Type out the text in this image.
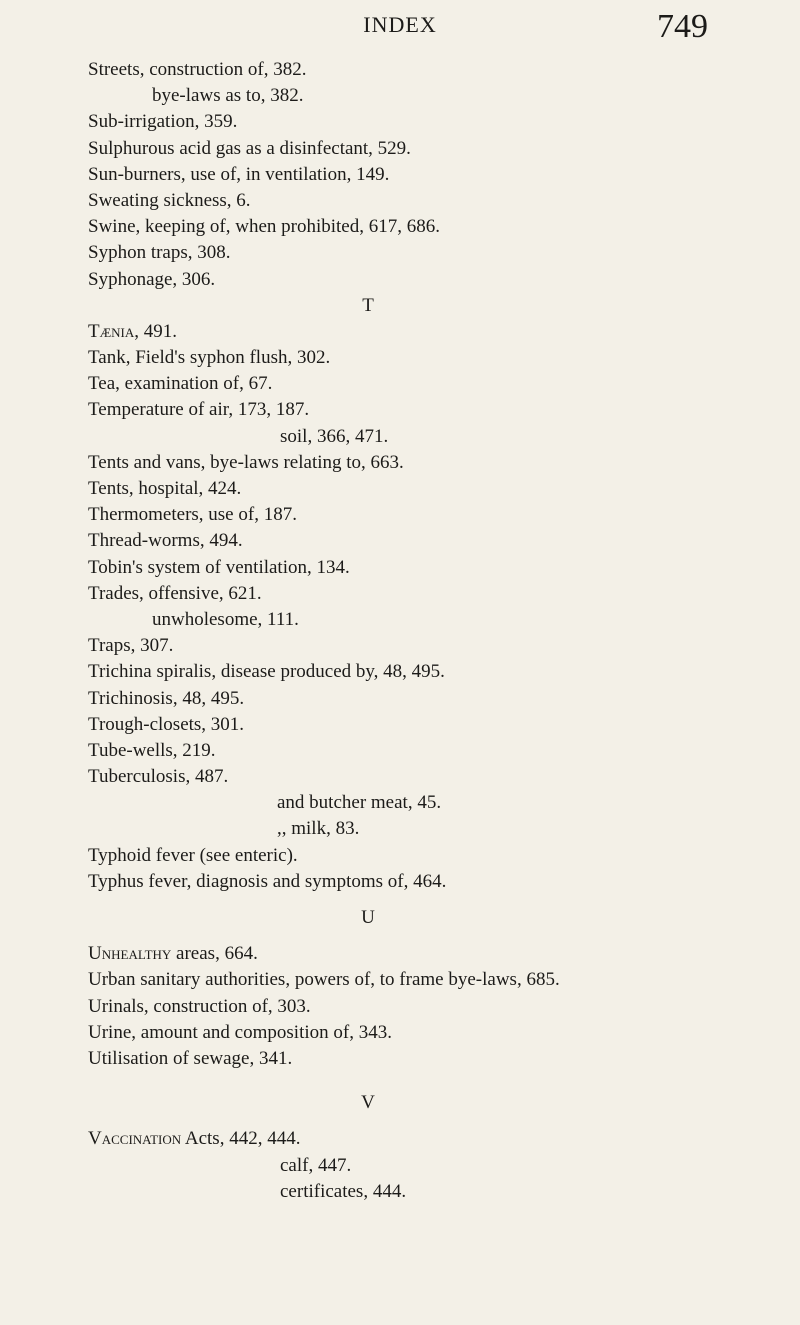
INDEX	749
Streets, construction of, 382.
bye-laws as to, 382.
Sub-irrigation, 359.
Sulphurous acid gas as a disinfectant, 529.
Sun-burners, use of, in ventilation, 149.
Sweating sickness, 6.
Swine, keeping of, when prohibited, 617, 686.
Syphon traps, 308.
Syphonage, 306.
T
Tænia, 491.
Tank, Field's syphon flush, 302.
Tea, examination of, 67.
Temperature of air, 173, 187.
soil, 366, 471.
Tents and vans, bye-laws relating to, 663.
Tents, hospital, 424.
Thermometers, use of, 187.
Thread-worms, 494.
Tobin's system of ventilation, 134.
Trades, offensive, 621.
unwholesome, 111.
Traps, 307.
Trichina spiralis, disease produced by, 48, 495.
Trichinosis, 48, 495.
Trough-closets, 301.
Tube-wells, 219.
Tuberculosis, 487.
and butcher meat, 45.
,, milk, 83.
Typhoid fever (see enteric).
Typhus fever, diagnosis and symptoms of, 464.
U
Unhealthy areas, 664.
Urban sanitary authorities, powers of, to frame bye-laws, 685.
Urinals, construction of, 303.
Urine, amount and composition of, 343.
Utilisation of sewage, 341.
V
Vaccination Acts, 442, 444.
calf, 447.
certificates, 444.
